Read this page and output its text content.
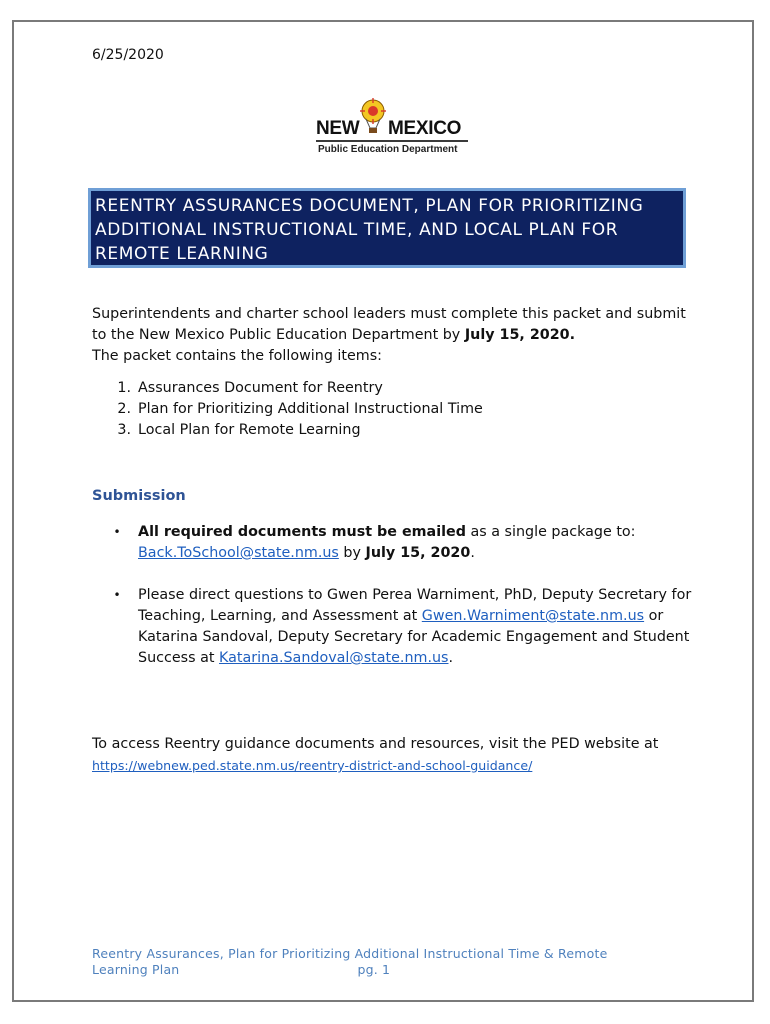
6/25/2020
NEW MEXICO
Public Education Department
REENTRY ASSURANCES DOCUMENT, PLAN FOR PRIORITIZING
ADDITIONAL INSTRUCTIONAL TIME, AND LOCAL PLAN FOR
REMOTE LEARNING
Superintendents and charter school leaders must complete this packet and submit to the New Mexico Public Education Department by July 15, 2020.
The packet contains the following items:
1. Assurances Document for Reentry
2. Plan for Prioritizing Additional Instructional Time
3. Local Plan for Remote Learning
Submission
•	All required documents must be emailed as a single package to:
Back.ToSchool@state.nm.us by July 15, 2020.
•	Please direct questions to Gwen Perea Warniment, PhD, Deputy Secretary for Teaching, Learning, and Assessment at Gwen.Warniment@state.nm.us or Katarina Sandoval, Deputy Secretary for Academic Engagement and Student Success at Katarina.Sandoval@state.nm.us.
To access Reentry guidance documents and resources, visit the PED website at https://webnew.ped.state.nm.us/reentry-district-and-school-guidance/
Reentry Assurances, Plan for Prioritizing Additional Instructional Time & Remote
Learning Plan	pg. 1
